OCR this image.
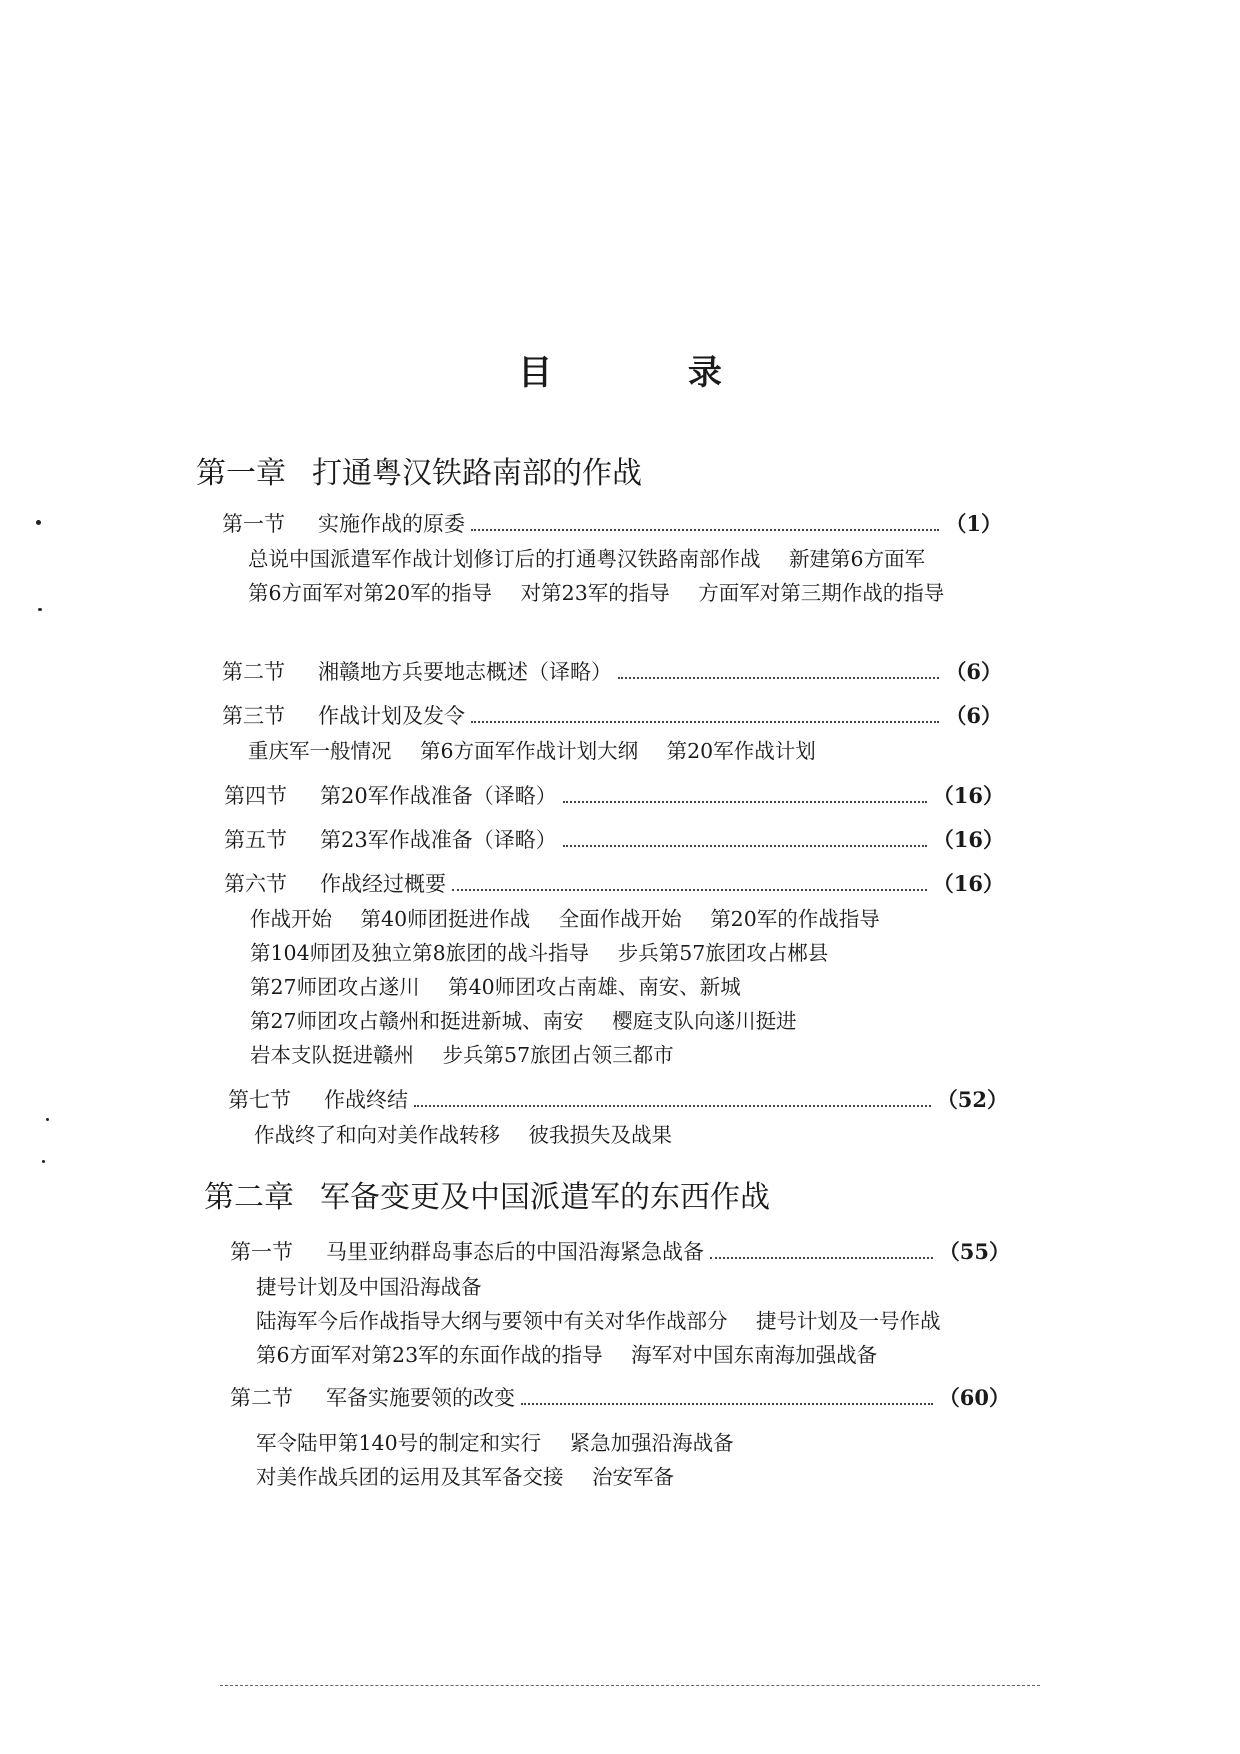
目 录
第一章 打通粤汉铁路南部的作战
第一节	实施作战的原委	（1）
总说中国派遣军作战计划修订后的打通粤汉铁路南部作战 新建第6方面军 第6方面军对第20军的指导 对第23军的指导 方面军对第三期作战的指导
第二节	湘赣地方兵要地志概述（译略）	（6）
第三节	作战计划及发令	（6）
重庆军一般情况 第6方面军作战计划大纲 第20军作战计划
第四节	第20军作战准备（译略）	（16）
第五节	第23军作战准备（译略）	（16）
第六节	作战经过概要	（16）
作战开始 第40师团挺进作战 全面作战开始 第20军的作战指导 第104师团及独立第8旅团的战斗指导 步兵第57旅团攻占郴县 第27师团攻占遂川 第40师团攻占南雄、南安、新城 第27师团攻占赣州和挺进新城、南安 樱庭支队向遂川挺进 岩本支队挺进赣州 步兵第57旅团占领三都市
第七节	作战终结	（52）
作战终了和向对美作战转移 彼我损失及战果
第二章 军备变更及中国派遣军的东西作战
第一节	马里亚纳群岛事态后的中国沿海紧急战备	（55）
捷号计划及中国沿海战备 陆海军今后作战指导大纲与要领中有关对华作战部分 捷号计划及一号作战 第6方面军对第23军的东面作战的指导 海军对中国东南海加强战备
第二节	军备实施要领的改变	（60）
军令陆甲第140号的制定和实行 紧急加强沿海战备 对美作战兵团的运用及其军备交接 治安军备
